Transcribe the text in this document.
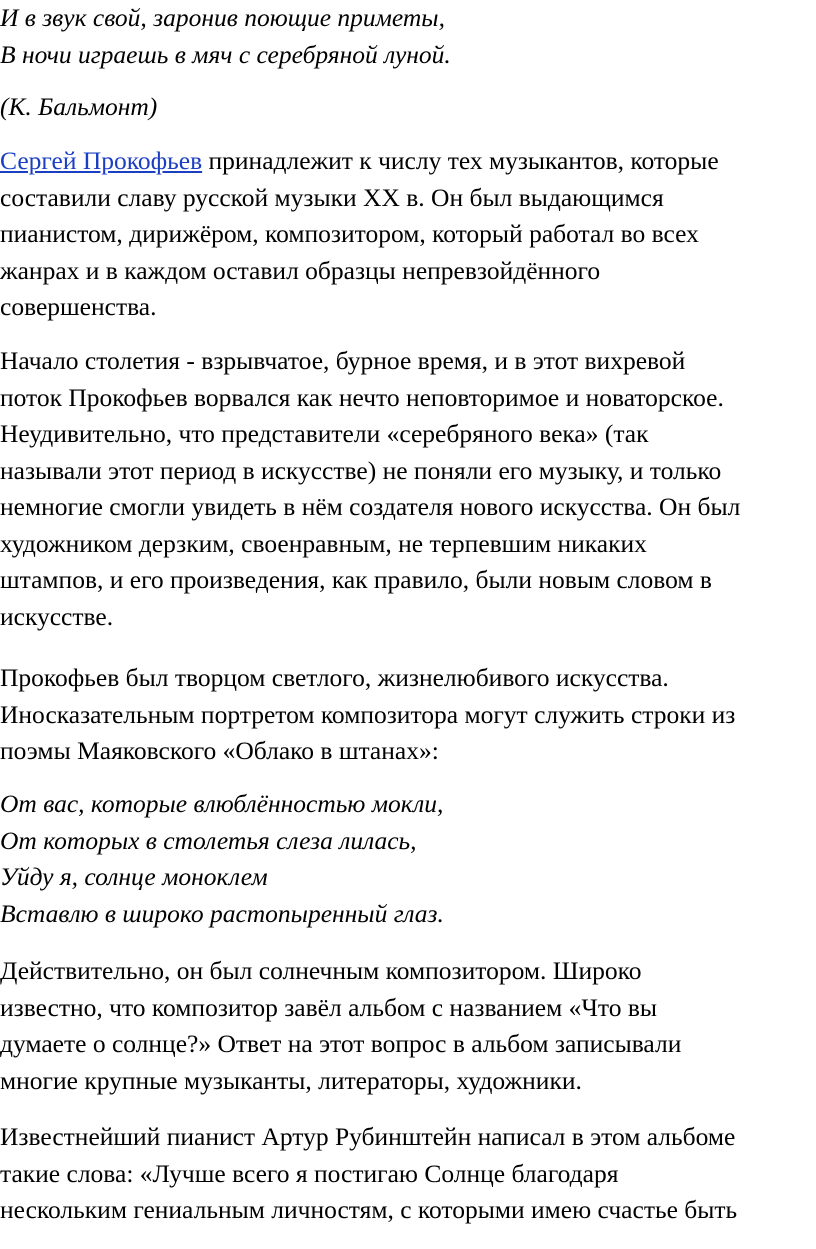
И в звук свой, заронив поющие приметы,
В ночи играешь в мяч с серебряной луной.

(К. Бальмонт)

Сергей Прокофьев принадлежит к числу тех музыкантов, которые
составили славу русской музыки XX в. Он был выдающимся
пианистом, дирижёром, композитором, который работал во всех
жанрах и в каждом оставил образцы непревзойдённого
совершенства.

Начало столетия - взрывчатое, бурное время, и в этот вихревой
поток Прокофьев ворвался как нечто неповторимое и новаторское.
Неудивительно, что представители «серебряного века» (так
называли этот период в искусстве) не поняли его музыку, и только
немногие смогли увидеть в нём создателя нового искусства. Он был
художником дерзким, своенравным, не терпевшим никаких
штампов, и его произведения, как правило, были новым словом в
искусстве.

Прокофьев был творцом светлого, жизнелюбивого искусства.
Иносказательным портретом композитора могут служить строки из
поэмы Маяковского «Облако в штанах»:

От вас, которые влюблённостью мокли,
От которых в столетья слеза лилась,
Уйду я, солнце моноклем
Вставлю в широко растопыренный глаз.

Действительно, он был солнечным композитором. Широко
известно, что композитор завёл альбом с названием «Что вы
думаете о солнце?» Ответ на этот вопрос в альбом записывали
многие крупные музыканты, литераторы, художники.

Известнейший пианист Артур Рубинштейн написал в этом альбоме
такие слова: «Лучше всего я постигаю Солнце благодаря
нескольким гениальным личностям, с которыми имею счастье быть
